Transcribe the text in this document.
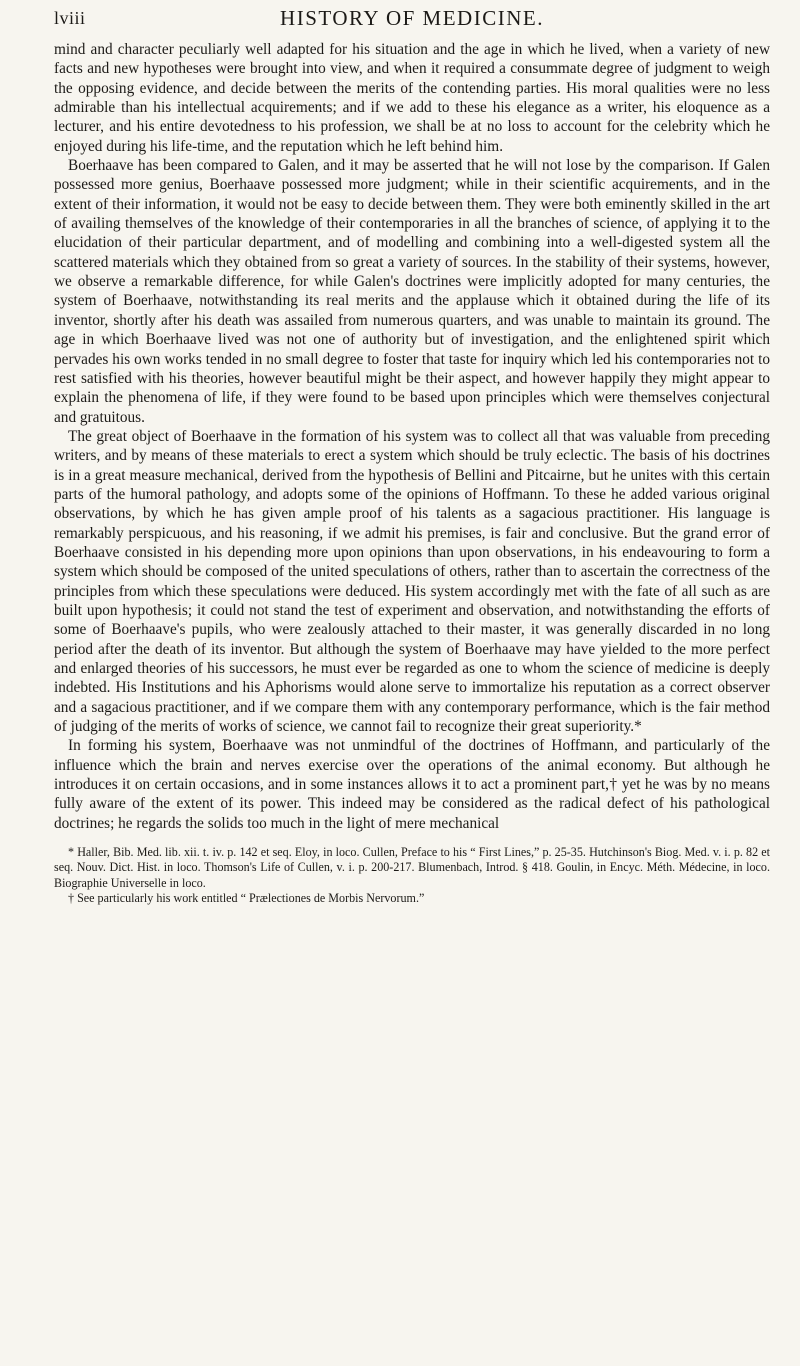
lviii	HISTORY OF MEDICINE.

mind and character peculiarly well adapted for his situation and the age in which he lived, when a variety of new facts and new hypotheses were brought into view, and when it required a consummate degree of judgment to weigh the opposing evidence, and decide between the merits of the contending parties. His moral qualities were no less admirable than his intellectual acquirements; and if we add to these his elegance as a writer, his eloquence as a lecturer, and his entire devotedness to his profession, we shall be at no loss to account for the celebrity which he enjoyed during his life-time, and the reputation which he left behind him.

Boerhaave has been compared to Galen, and it may be asserted that he will not lose by the comparison. If Galen possessed more genius, Boerhaave possessed more judgment; while in their scientific acquirements, and in the extent of their information, it would not be easy to decide between them. They were both eminently skilled in the art of availing themselves of the knowledge of their contemporaries in all the branches of science, of applying it to the elucidation of their particular department, and of modelling and combining into a well-digested system all the scattered materials which they obtained from so great a variety of sources. In the stability of their systems, however, we observe a remarkable difference, for while Galen's doctrines were implicitly adopted for many centuries, the system of Boerhaave, notwithstanding its real merits and the applause which it obtained during the life of its inventor, shortly after his death was assailed from numerous quarters, and was unable to maintain its ground. The age in which Boerhaave lived was not one of authority but of investigation, and the enlightened spirit which pervades his own works tended in no small degree to foster that taste for inquiry which led his contemporaries not to rest satisfied with his theories, however beautiful might be their aspect, and however happily they might appear to explain the phenomena of life, if they were found to be based upon principles which were themselves conjectural and gratuitous.

The great object of Boerhaave in the formation of his system was to collect all that was valuable from preceding writers, and by means of these materials to erect a system which should be truly eclectic. The basis of his doctrines is in a great measure mechanical, derived from the hypothesis of Bellini and Pitcairne, but he unites with this certain parts of the humoral pathology, and adopts some of the opinions of Hoffmann. To these he added various original observations, by which he has given ample proof of his talents as a sagacious practitioner. His language is remarkably perspicuous, and his reasoning, if we admit his premises, is fair and conclusive. But the grand error of Boerhaave consisted in his depending more upon opinions than upon observations, in his endeavouring to form a system which should be composed of the united speculations of others, rather than to ascertain the correctness of the principles from which these speculations were deduced. His system accordingly met with the fate of all such as are built upon hypothesis; it could not stand the test of experiment and observation, and notwithstanding the efforts of some of Boerhaave's pupils, who were zealously attached to their master, it was generally discarded in no long period after the death of its inventor. But although the system of Boerhaave may have yielded to the more perfect and enlarged theories of his successors, he must ever be regarded as one to whom the science of medicine is deeply indebted. His Institutions and his Aphorisms would alone serve to immortalize his reputation as a correct observer and a sagacious practitioner, and if we compare them with any contemporary performance, which is the fair method of judging of the merits of works of science, we cannot fail to recognize their great superiority.*

In forming his system, Boerhaave was not unmindful of the doctrines of Hoffmann, and particularly of the influence which the brain and nerves exercise over the operations of the animal economy. But although he introduces it on certain occasions, and in some instances allows it to act a prominent part,† yet he was by no means fully aware of the extent of its power. This indeed may be considered as the radical defect of his pathological doctrines; he regards the solids too much in the light of mere mechanical

* Haller, Bib. Med. lib. xii. t. iv. p. 142 et seq. Eloy, in loco. Cullen, Preface to his “ First Lines,” p. 25-35. Hutchinson's Biog. Med. v. i. p. 82 et seq. Nouv. Dict. Hist. in loco. Thomson's Life of Cullen, v. i. p. 200-217. Blumenbach, Introd. § 418. Goulin, in Encyc. Méth. Médecine, in loco. Biographie Universelle in loco.

† See particularly his work entitled “ Prælectiones de Morbis Nervorum.”
